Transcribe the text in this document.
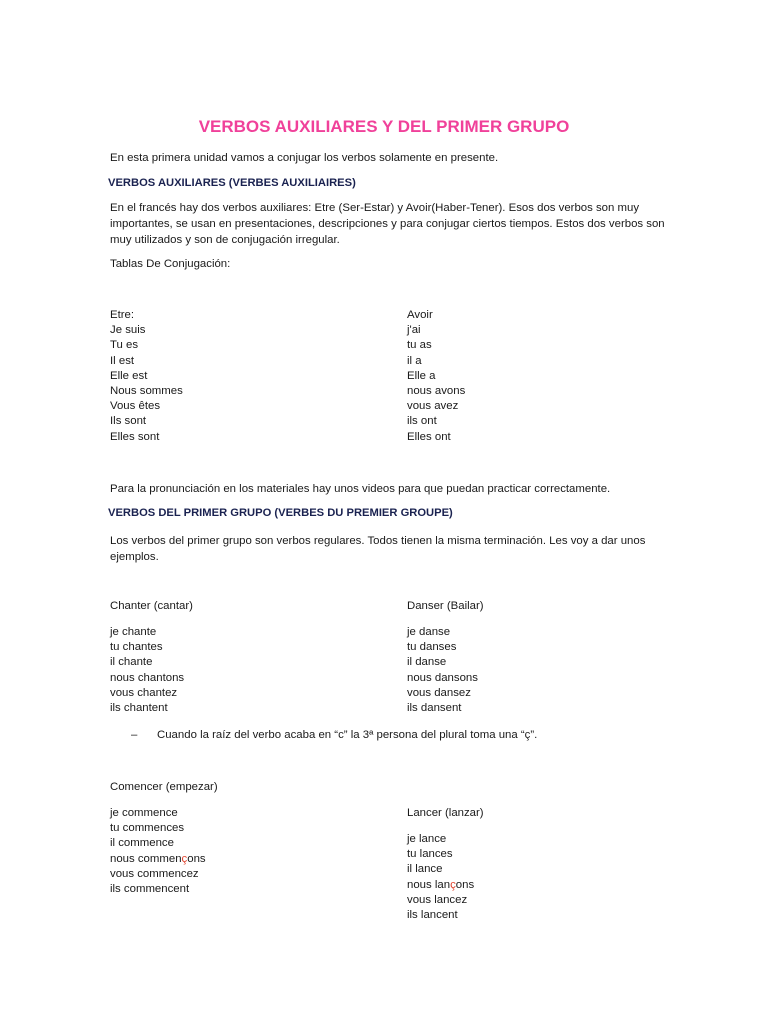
VERBOS AUXILIARES Y DEL PRIMER GRUPO

En esta primera unidad vamos a conjugar los verbos solamente en presente.

VERBOS AUXILIARES (VERBES AUXILIAIRES)

En el francés hay dos verbos auxiliares: Etre (Ser-Estar) y Avoir(Haber-Tener). Esos dos verbos son muy importantes, se usan en presentaciones, descripciones y para conjugar ciertos tiempos. Estos dos verbos son muy utilizados y son de conjugación irregular.

Tablas De Conjugación:

Etre:
Je suis
Tu es
Il est
Elle est
Nous sommes
Vous êtes
Ils sont
Elles sont
Avoir
j'ai
tu as
il a
Elle a
nous avons
vous avez
ils ont
Elles ont

Para la pronunciación en los materiales hay unos videos para que puedan practicar correctamente.

VERBOS DEL PRIMER GRUPO (VERBES DU PREMIER GROUPE)

Los verbos del primer grupo son verbos regulares. Todos tienen la misma terminación. Les voy a dar unos ejemplos.

Chanter (cantar)	Danser (Bailar)

je chante
tu chantes
il chante
nous chantons
vous chantez
ils chantent
je danse
tu danses
il danse
nous dansons
vous dansez
ils dansent
– Cuando la raíz del verbo acaba en “c” la 3ª persona del plural toma una “ç”.

Comencer (empezar)

je commence
tu commences
il commence
nous commençons
vous commencez
ils commencent

Lancer (lanzar)

je lance
tu lances
il lance
nous lançons
vous lancez
ils lancent
